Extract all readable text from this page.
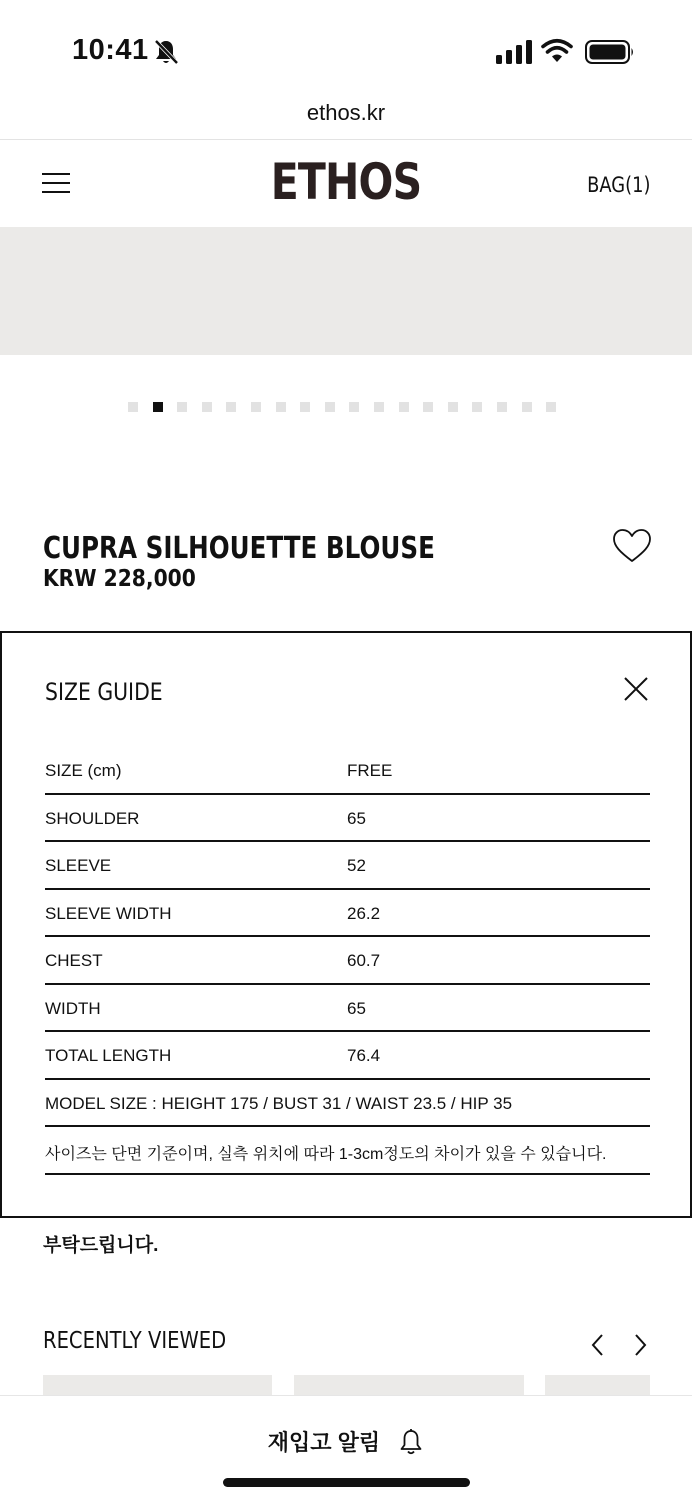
10:41
ethos.kr
ETHOS	BAG(1)
CUPRA SILHOUETTE BLOUSE
KRW 228,000
SIZE GUIDE
SIZE (cm)	FREE
SHOULDER	65
SLEEVE	52
SLEEVE WIDTH	26.2
CHEST	60.7
WIDTH	65
TOTAL LENGTH	76.4
MODEL SIZE : HEIGHT 175 / BUST 31 / WAIST 23.5 / HIP 35
사이즈는 단면 기준이며, 실측 위치에 따라 1-3cm정도의 차이가 있을 수 있습니다.
부탁드립니다.
RECENTLY VIEWED
재입고 알림
